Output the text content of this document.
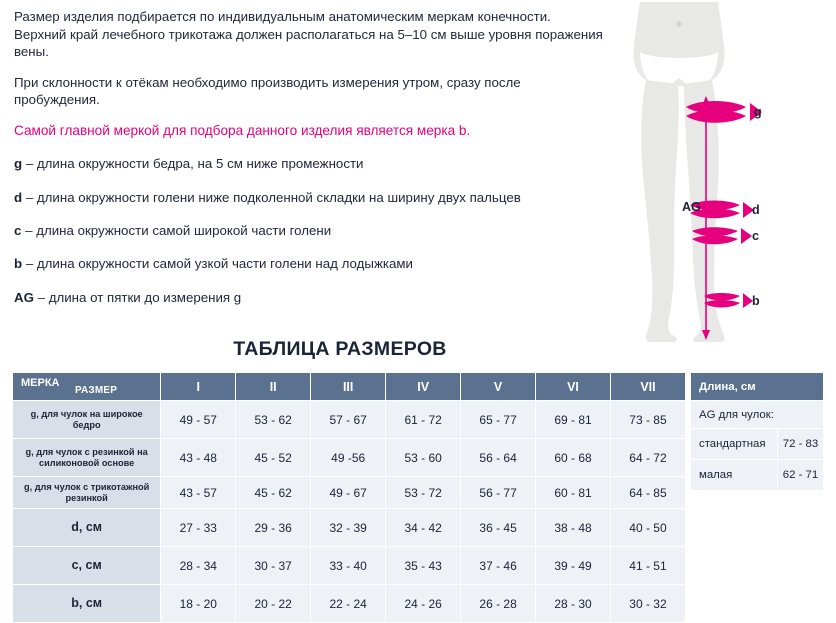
Размер изделия подбирается по индивидуальным анатомическим меркам конечности. Верхний край лечебного трикотажа должен располагаться на 5–10 см выше уровня поражения вены.

При склонности к отёкам необходимо производить измерения утром, сразу после пробуждения.

Самой главной меркой для подбора данного изделия является мерка b.

g – длина окружности бедра, на 5 см ниже промежности
d – длина окружности голени ниже подколенной складки на ширину двух пальцев
c – длина окружности самой широкой части голени
b – длина окружности самой узкой части голени над лодыжками
AG – длина от пятки до измерения g
g
d
c
b
AG
ТАБЛИЦА РАЗМЕРОВ
МЕРКА
РАЗМЕР	I	II	III	IV	V	VI	VII
g, для чулок на широкое бедро	49 - 57	53 - 62	57 - 67	61 - 72	65 - 77	69 - 81	73 - 85
g, для чулок с резинкой на силиконовой основе	43 - 48	45 - 52	49 -56	53 - 60	56 - 64	60 - 68	64 - 72
g, для чулок с трикотажной резинкой	43 - 57	45 - 62	49 - 67	53 - 72	56 - 77	60 - 81	64 - 85
d, см	27 - 33	29 - 36	32 - 39	34 - 42	36 - 45	38 - 48	40 - 50
c, см	28 - 34	30 - 37	33 - 40	35 - 43	37 - 46	39 - 49	41 - 51
b, см	18 - 20	20 - 22	22 - 24	24 - 26	26 - 28	28 - 30	30 - 32
Длина, см	
AG для чулок:	
стандартная	72 - 83
малая	62 - 71
